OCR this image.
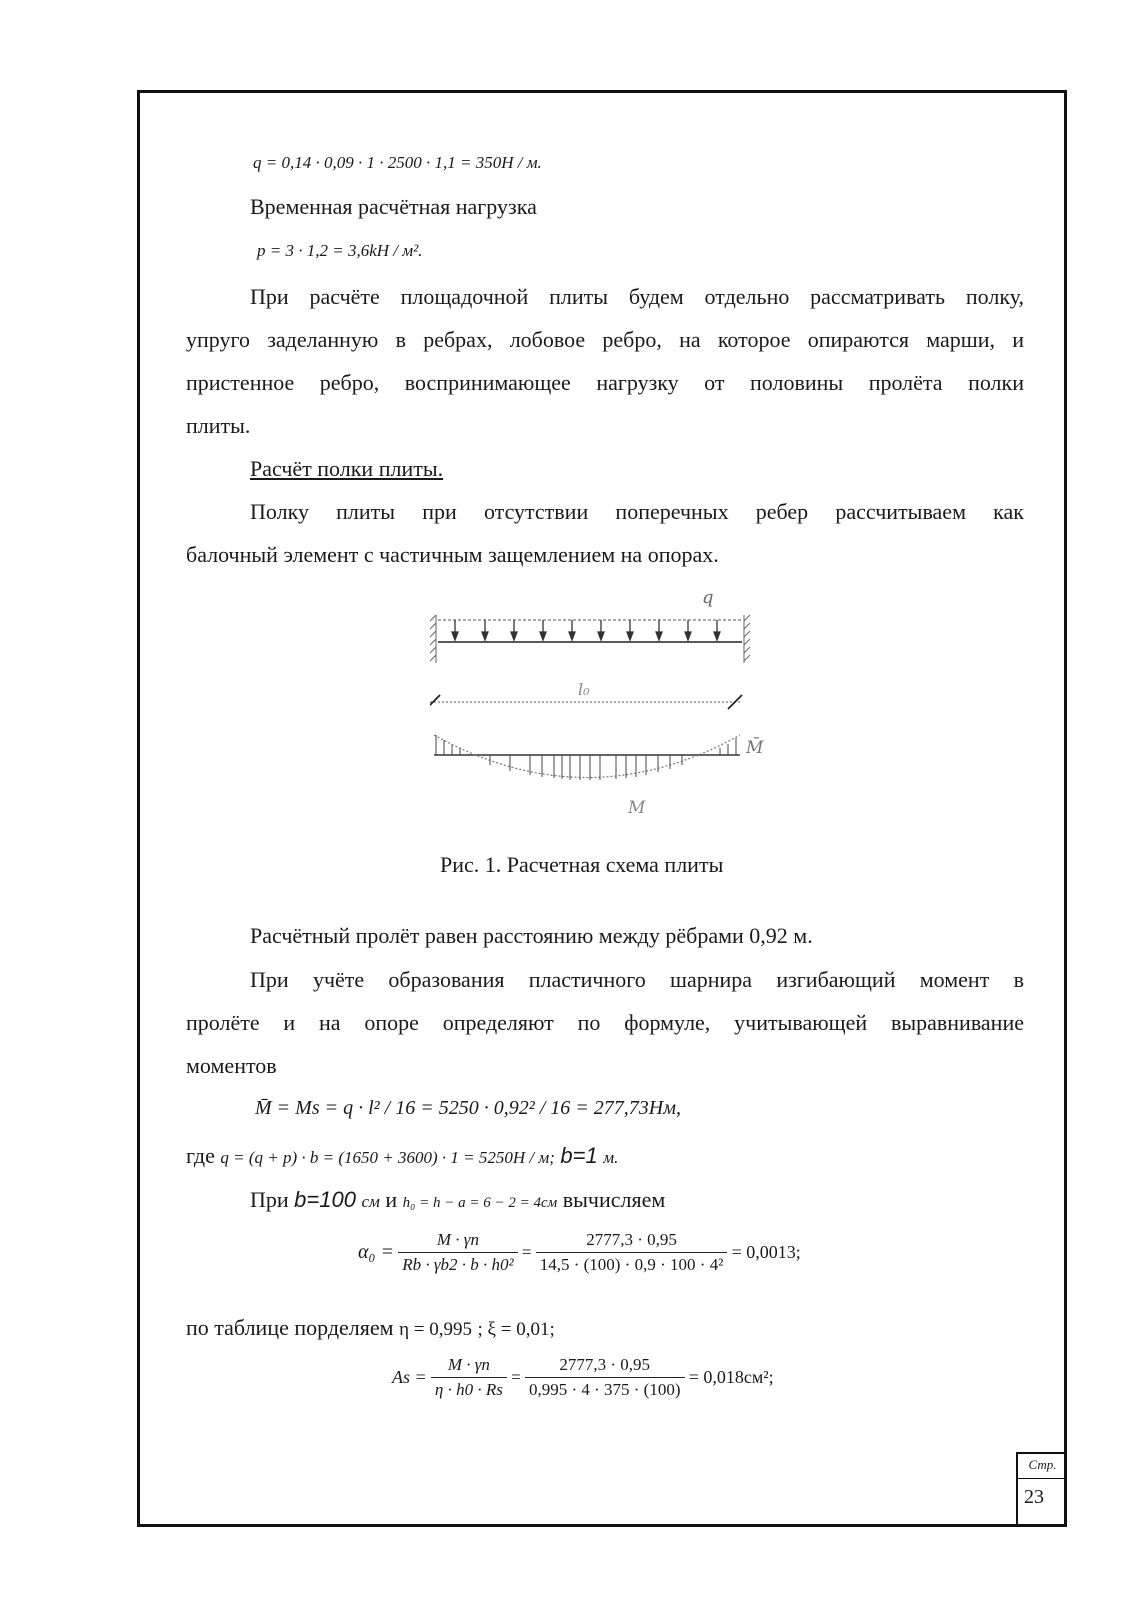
q = 0,14 · 0,09 · 1 · 2500 · 1,1 = 350H / м.
Временная расчётная нагрузка
p = 3 · 1,2 = 3,6kH / м².
При расчёте площадочной плиты будем отдельно рассматривать полку,
упруго заделанную в ребрах, лобовое ребро, на которое опираются марши, и
пристенное ребро, воспринимающее нагрузку от половины пролёта полки
плиты.
Расчёт полки плиты.
Полку плиты при отсутствии поперечных ребер рассчитываем как
балочный элемент с частичным защемлением на опорах.
q
l₀
M̄
M
Рис. 1. Расчетная схема плиты
Расчётный пролёт равен расстоянию между рёбрами 0,92 м.
При учёте образования пластичного шарнира изгибающий момент в
пролёте и на опоре определяют по формуле, учитывающей выравнивание
моментов
M̄ = Ms = q · l² / 16 = 5250 · 0,92² / 16 = 277,73Hм,
где q = (q + p) · b = (1650 + 3600) · 1 = 5250H / м; b=1 м.
При b=100 см и h₀ = h − a = 6 − 2 = 4см вычисляем
$\alpha_0 = \frac{M \cdot \gamma n}{\text{Rb · γb2 · b · h0²}} = \frac{2777,3 \cdot 0,95}{\text{14,5 · (100) · 0,9 · 100 · 4²}} = 0,0013$;
по таблице порделяем η = 0,995 ; ξ = 0,01;
$As = \frac{M \cdot \gamma n}{\eta \cdot h0 \cdot Rs} = \frac{2777,3 \cdot 0,95}{0,995 \cdot 4 \cdot 375 \cdot (100)} = 0,018см^2$;
Стр.
23
